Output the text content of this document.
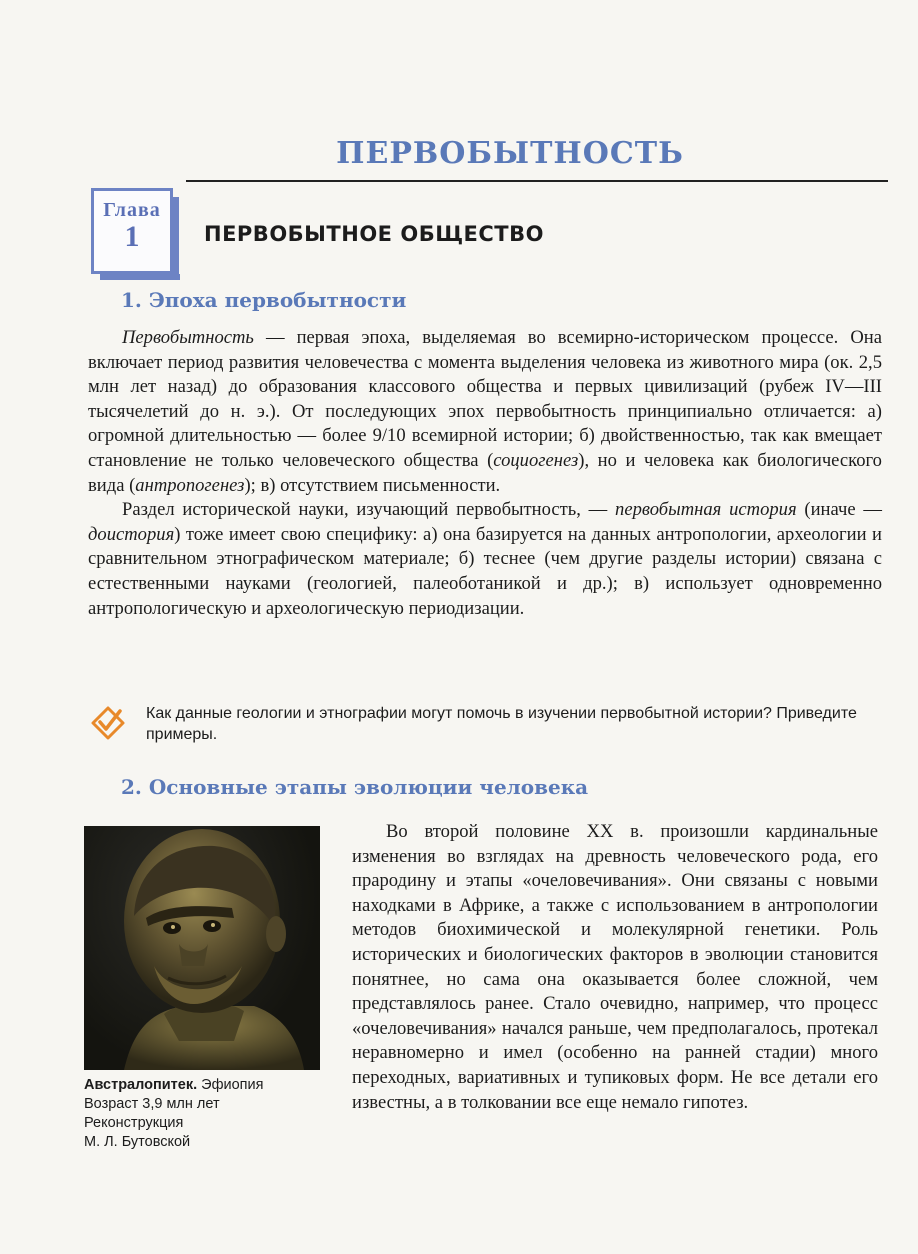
ПЕРВОБЫТНОСТЬ
Глава
1	ПЕРВОБЫТНОЕ ОБЩЕСТВО
1. Эпоха первобытности

Первобытность — первая эпоха, выделяемая во всемирно-историческом процессе. Она включает период развития человечества с момента выделения человека из животного мира (ок. 2,5 млн лет назад) до образования классового общества и первых цивилизаций (рубеж IV—III тысячелетий до н. э.). От последующих эпох первобытность принципиально отличается: а) огромной длительностью — более 9/10 всемирной истории; б) двойственностью, так как вмещает становление не только человеческого общества (социогенез), но и человека как биологического вида (антропогенез); в) отсутствием письменности.

Раздел исторической науки, изучающий первобытность, — первобытная история (иначе — доистория) тоже имеет свою специфику: а) она базируется на данных антропологии, археологии и сравнительном этнографическом материале; б) теснее (чем другие разделы истории) связана с естественными науками (геологией, палеоботаникой и др.); в) использует одновременно антропологическую и археологическую периодизации.

Как данные геологии и этнографии могут помочь в изучении первобытной истории? Приведите примеры.
2. Основные этапы эволюции человека
Австралопитек. Эфиопия
Возраст 3,9 млн лет
Реконструкция
М. Л. Бутовской

Во второй половине XX в. произошли кардинальные изменения во взглядах на древность человеческого рода, его прародину и этапы «очеловечивания». Они связаны с новыми находками в Африке, а также с использованием в антропологии методов биохимической и молекулярной генетики. Роль исторических и биологических факторов в эволюции становится понятнее, но сама она оказывается более сложной, чем представлялось ранее. Стало очевидно, например, что процесс «очеловечивания» начался раньше, чем предполагалось, протекал неравномерно и имел (особенно на ранней стадии) много переходных, вариативных и тупиковых форм. Не все детали его известны, а в толковании все еще немало гипотез.
